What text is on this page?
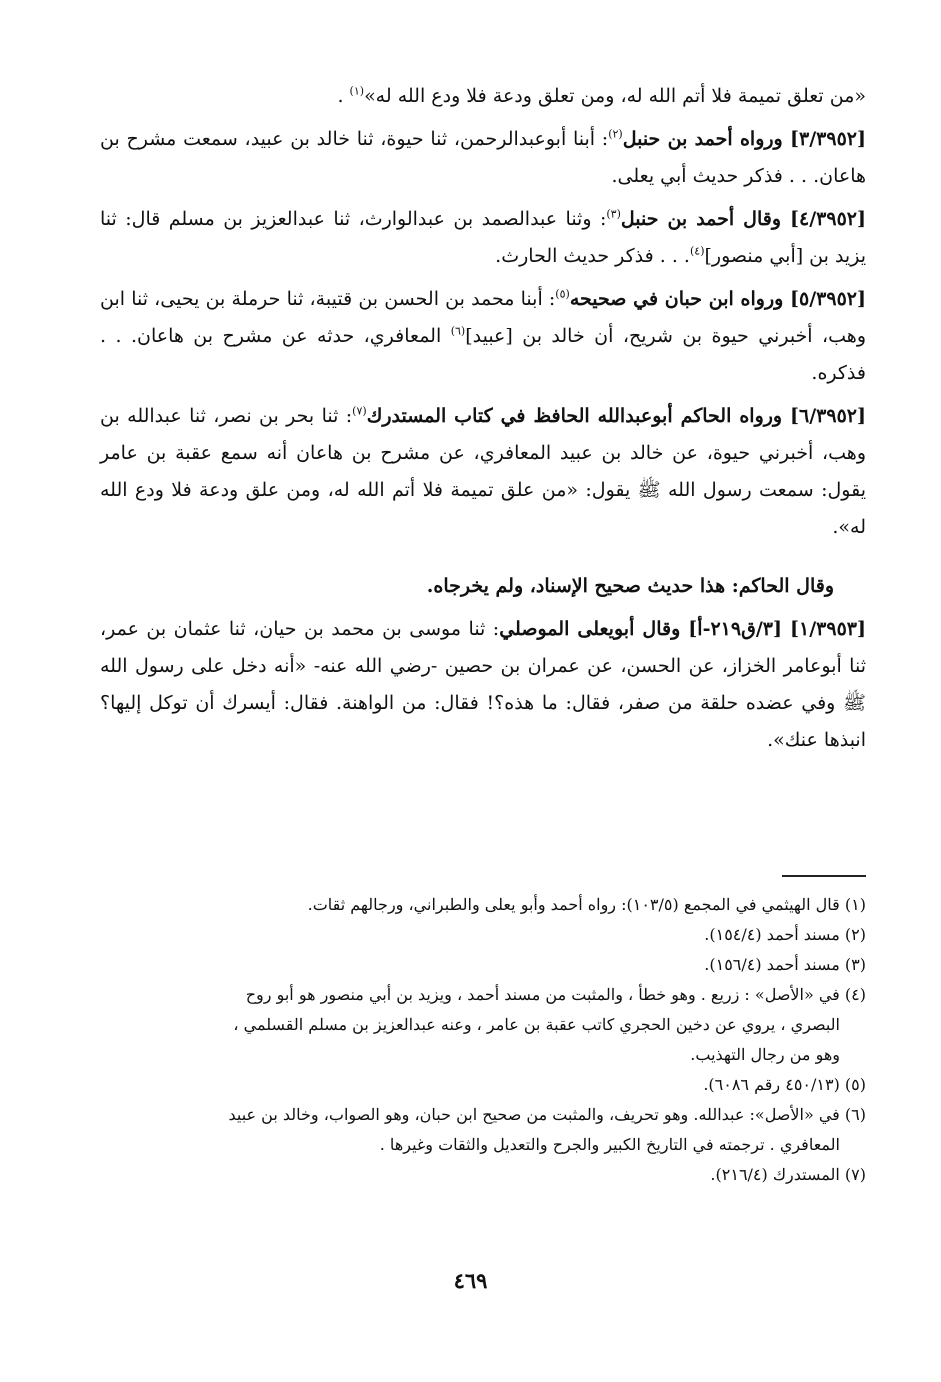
«من تعلق تميمة فلا أتم الله له، ومن تعلق ودعة فلا ودع الله له»$^{(١)}$ .

[٣/٣٩٥٢] ورواه أحمد بن حنبل$^{(٢)}$: أبنا أبوعبدالرحمن، ثنا حيوة، ثنا خالد بن عبيد، سمعت مشرح بن هاعان. . . فذكر حديث أبي يعلى.

[٤/٣٩٥٢] وقال أحمد بن حنبل$^{(٣)}$: وثنا عبدالصمد بن عبدالوارث، ثنا عبدالعزيز بن مسلم قال: ثنا يزيد بن [أبي منصور]$^{(٤)}$. . . فذكر حديث الحارث.

[٥/٣٩٥٢] ورواه ابن حبان في صحيحه$^{(٥)}$: أبنا محمد بن الحسن بن قتيبة، ثنا حرملة بن يحيى، ثنا ابن وهب، أخبرني حيوة بن شريح، أن خالد بن [عبيد]$^{(٦)}$ المعافري، حدثه عن مشرح بن هاعان. . . فذكره.

[٦/٣٩٥٢] ورواه الحاكم أبوعبدالله الحافظ في كتاب المستدرك$^{(٧)}$: ثنا بحر بن نصر، ثنا عبدالله بن وهب، أخبرني حيوة، عن خالد بن عبيد المعافري، عن مشرح بن هاعان أنه سمع عقبة بن عامر يقول: سمعت رسول الله ﷺ يقول: «من علق تميمة فلا أتم الله له، ومن علق ودعة فلا ودع الله له».

وقال الحاكم: هذا حديث صحيح الإسناد، ولم يخرجاه.

[١/٣٩٥٣] [٣/ق٢١٩-أ] وقال أبويعلى الموصلي: ثنا موسى بن محمد بن حيان، ثنا عثمان بن عمر، ثنا أبوعامر الخزاز، عن الحسن، عن عمران بن حصين -رضي الله عنه- «أنه دخل على رسول الله ﷺ وفي عضده حلقة من صفر، فقال: ما هذه؟! فقال: من الواهنة. فقال: أيسرك أن توكل إليها؟ انبذها عنك».

(١) قال الهيثمي في المجمع (١٠٣/٥): رواه أحمد وأبو يعلى والطبراني، ورجالهم ثقات.

(٢) مسند أحمد (١٥٤/٤).

(٣) مسند أحمد (١٥٦/٤).

(٤) في «الأصل» : زريع . وهو خطأ ، والمثبت من مسند أحمد ، ويزيد بن أبي منصور هو أبو روح
البصري ، يروي عن دخين الحجري كاتب عقبة بن عامر ، وعنه عبدالعزيز بن مسلم القسلمي ،
وهو من رجال التهذيب.

(٥) (٤٥٠/١٣ رقم ٦٠٨٦).

(٦) في «الأصل»: عبدالله. وهو تحريف، والمثبت من صحيح ابن حبان، وهو الصواب، وخالد بن عبيد
المعافري . ترجمته في التاريخ الكبير والجرح والتعديل والثقات وغيرها .

(٧) المستدرك (٢١٦/٤).

٤٦٩
